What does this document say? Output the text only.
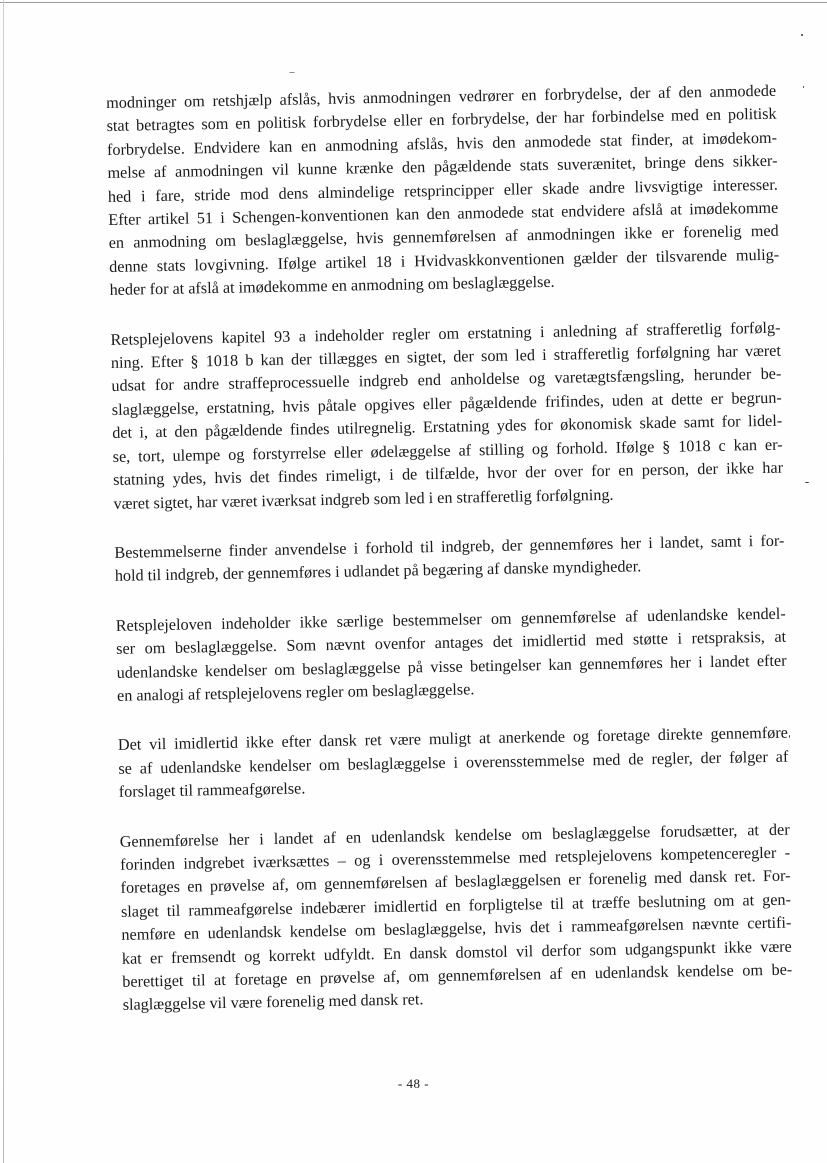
modninger om retshjælp afslås, hvis anmodningen vedrører en forbrydelse, der af den anmodede
stat betragtes som en politisk forbrydelse eller en forbrydelse, der har forbindelse med en politisk
forbrydelse. Endvidere kan en anmodning afslås, hvis den anmodede stat finder, at imødekom-
melse af anmodningen vil kunne krænke den pågældende stats suverænitet, bringe dens sikker-
hed i fare, stride mod dens almindelige retsprincipper eller skade andre livsvigtige interesser.
Efter artikel 51 i Schengen-konventionen kan den anmodede stat endvidere afslå at imødekomme
en anmodning om beslaglæggelse, hvis gennemførelsen af anmodningen ikke er forenelig med
denne stats lovgivning. Ifølge artikel 18 i Hvidvaskkonventionen gælder der tilsvarende mulig-
heder for at afslå at imødekomme en anmodning om beslaglæggelse.

Retsplejelovens kapitel 93 a indeholder regler om erstatning i anledning af strafferetlig forfølg-
ning. Efter § 1018 b kan der tillægges en sigtet, der som led i strafferetlig forfølgning har været
udsat for andre straffeprocessuelle indgreb end anholdelse og varetægtsfængsling, herunder be-
slaglæggelse, erstatning, hvis påtale opgives eller pågældende frifindes, uden at dette er begrun-
det i, at den pågældende findes utilregnelig. Erstatning ydes for økonomisk skade samt for lidel-
se, tort, ulempe og forstyrrelse eller ødelæggelse af stilling og forhold. Ifølge § 1018 c kan er-
statning ydes, hvis det findes rimeligt, i de tilfælde, hvor der over for en person, der ikke har
været sigtet, har været iværksat indgreb som led i en strafferetlig forfølgning.

Bestemmelserne finder anvendelse i forhold til indgreb, der gennemføres her i landet, samt i for-
hold til indgreb, der gennemføres i udlandet på begæring af danske myndigheder.

Retsplejeloven indeholder ikke særlige bestemmelser om gennemførelse af udenlandske kendel-
ser om beslaglæggelse. Som nævnt ovenfor antages det imidlertid med støtte i retspraksis, at
udenlandske kendelser om beslaglæggelse på visse betingelser kan gennemføres her i landet efter
en analogi af retsplejelovens regler om beslaglæggelse.

Det vil imidlertid ikke efter dansk ret være muligt at anerkende og foretage direkte gennemføre
se af udenlandske kendelser om beslaglæggelse i overensstemmelse med de regler, der følger af
forslaget til rammeafgørelse.

Gennemførelse her i landet af en udenlandsk kendelse om beslaglæggelse forudsætter, at der
forinden indgrebet iværksættes – og i overensstemmelse med retsplejelovens kompetenceregler -
foretages en prøvelse af, om gennemførelsen af beslaglæggelsen er forenelig med dansk ret. For-
slaget til rammeafgørelse indebærer imidlertid en forpligtelse til at træffe beslutning om at gen-
nemføre en udenlandsk kendelse om beslaglæggelse, hvis det i rammeafgørelsen nævnte certifi-
kat er fremsendt og korrekt udfyldt. En dansk domstol vil derfor som udgangspunkt ikke være
berettiget til at foretage en prøvelse af, om gennemførelsen af en udenlandsk kendelse om be-
slaglæggelse vil være forenelig med dansk ret.

- 48 -
